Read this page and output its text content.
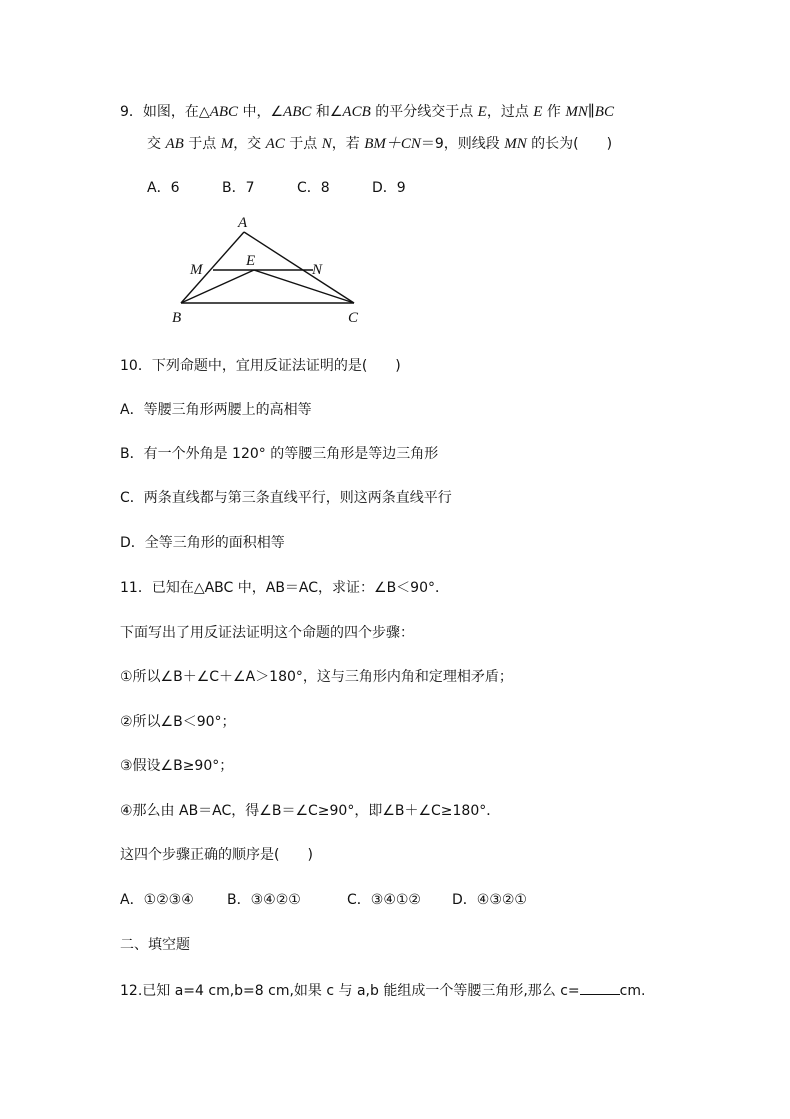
9．如图，在△ABC 中，∠ABC 和∠ACB 的平分线交于点 E，过点 E 作 MN∥BC
交 AB 于点 M，交 AC 于点 N，若 BM＋CN＝9，则线段 MN 的长为(　　)
A．6	B．7	C．8	D．9
A
M
E
N
B	C
10．下列命题中，宜用反证法证明的是(　　)
A．等腰三角形两腰上的高相等
B．有一个外角是 120° 的等腰三角形是等边三角形
C．两条直线都与第三条直线平行，则这两条直线平行
D．全等三角形的面积相等
11．已知在△ABC 中，AB＝AC，求证：∠B＜90°．
下面写出了用反证法证明这个命题的四个步骤：
①所以∠B＋∠C＋∠A＞180°，这与三角形内角和定理相矛盾；
②所以∠B＜90°；
③假设∠B≥90°；
④那么由 AB＝AC，得∠B＝∠C≥90°，即∠B＋∠C≥180°．
这四个步骤正确的顺序是(　　)
A．①②③④ B．③④②①	C．③④①② D．④③②①
二、填空题
12.已知 a=4 cm,b=8 cm,如果 c 与 a,b 能组成一个等腰三角形,那么 c=	cm.
